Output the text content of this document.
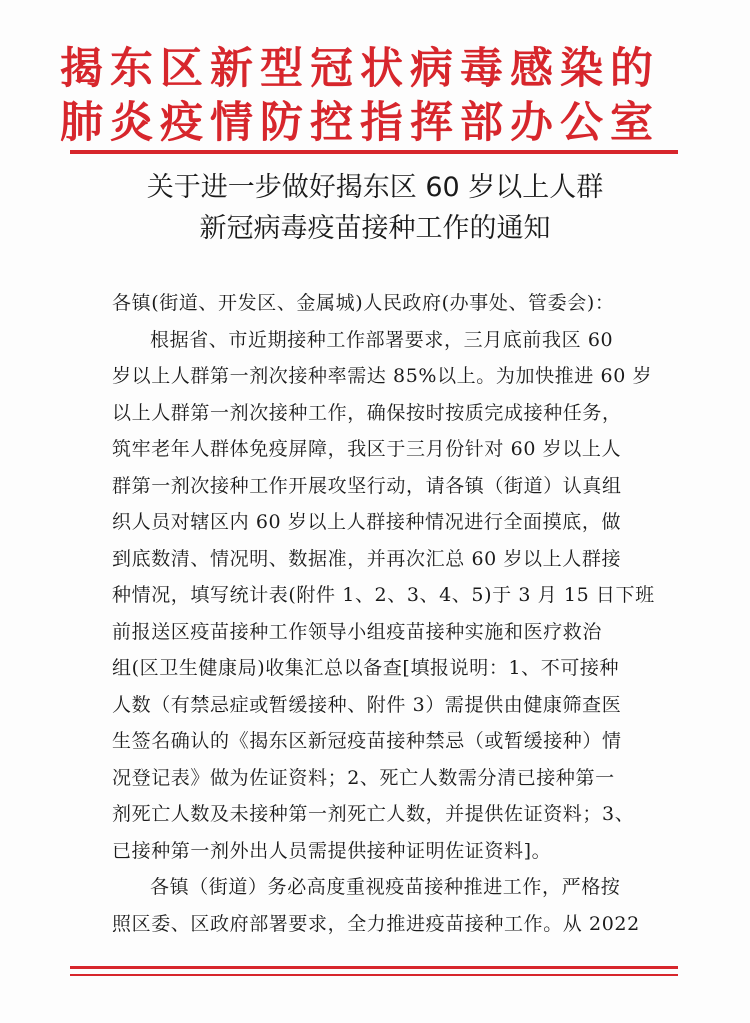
揭东区新型冠状病毒感染的
肺炎疫情防控指挥部办公室
关于进一步做好揭东区 60 岁以上人群
新冠病毒疫苗接种工作的通知
各镇(街道、开发区、金属城)人民政府(办事处、管委会)：
根据省、市近期接种工作部署要求，三月底前我区 60
岁以上人群第一剂次接种率需达 85%以上。为加快推进 60 岁
以上人群第一剂次接种工作，确保按时按质完成接种任务，
筑牢老年人群体免疫屏障，我区于三月份针对 60 岁以上人
群第一剂次接种工作开展攻坚行动，请各镇（街道）认真组
织人员对辖区内 60 岁以上人群接种情况进行全面摸底，做
到底数清、情况明、数据准，并再次汇总 60 岁以上人群接
种情况，填写统计表(附件 1、2、3、4、5)于 3 月 15 日下班
前报送区疫苗接种工作领导小组疫苗接种实施和医疗救治
组(区卫生健康局)收集汇总以备查[填报说明：1、不可接种
人数（有禁忌症或暂缓接种、附件 3）需提供由健康筛查医
生签名确认的《揭东区新冠疫苗接种禁忌（或暂缓接种）情
况登记表》做为佐证资料；2、死亡人数需分清已接种第一
剂死亡人数及未接种第一剂死亡人数，并提供佐证资料；3、
已接种第一剂外出人员需提供接种证明佐证资料]。
各镇（街道）务必高度重视疫苗接种推进工作，严格按
照区委、区政府部署要求，全力推进疫苗接种工作。从 2022
